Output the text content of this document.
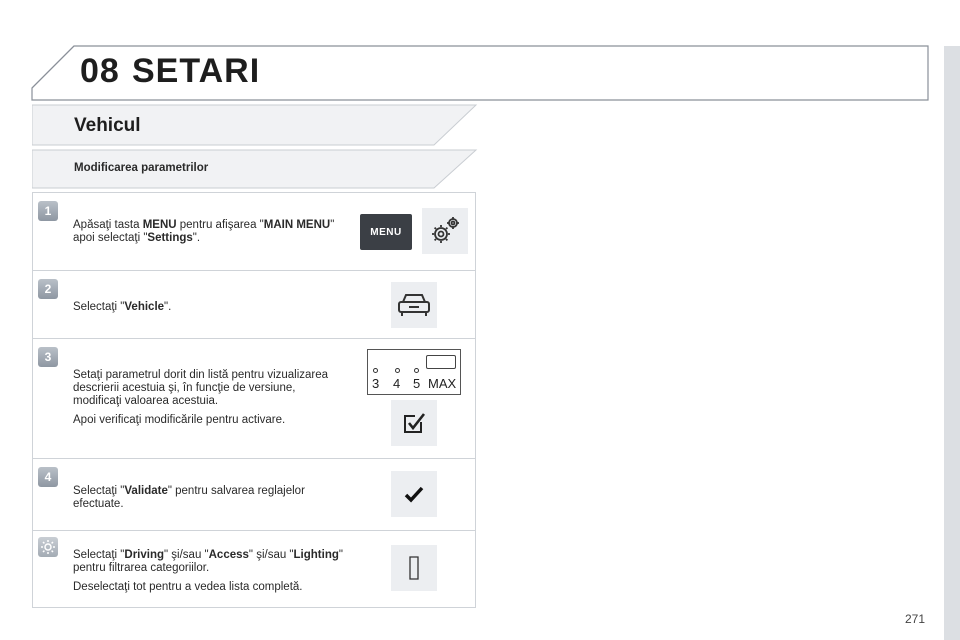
08 SETARI
Vehicul
Modificarea parametrilor
1
Apăsaţi tasta MENU pentru afişarea "MAIN MENU" apoi selectaţi "Settings".	MENU
2
Selectaţi "Vehicle".
3

Setaţi parametrul dorit din listă pentru vizualizarea descrierii acestuia şi, în funcţie de versiune, modificaţi valoarea acestuia.

Apoi verificaţi modificările pentru activare.

3 4 5 MAX
4
Selectaţi "Validate" pentru salvarea reglajelor efectuate.

Selectaţi "Driving" şi/sau "Access" şi/sau "Lighting" pentru filtrarea categoriilor.

Deselectaţi tot pentru a vedea lista completă.

271
